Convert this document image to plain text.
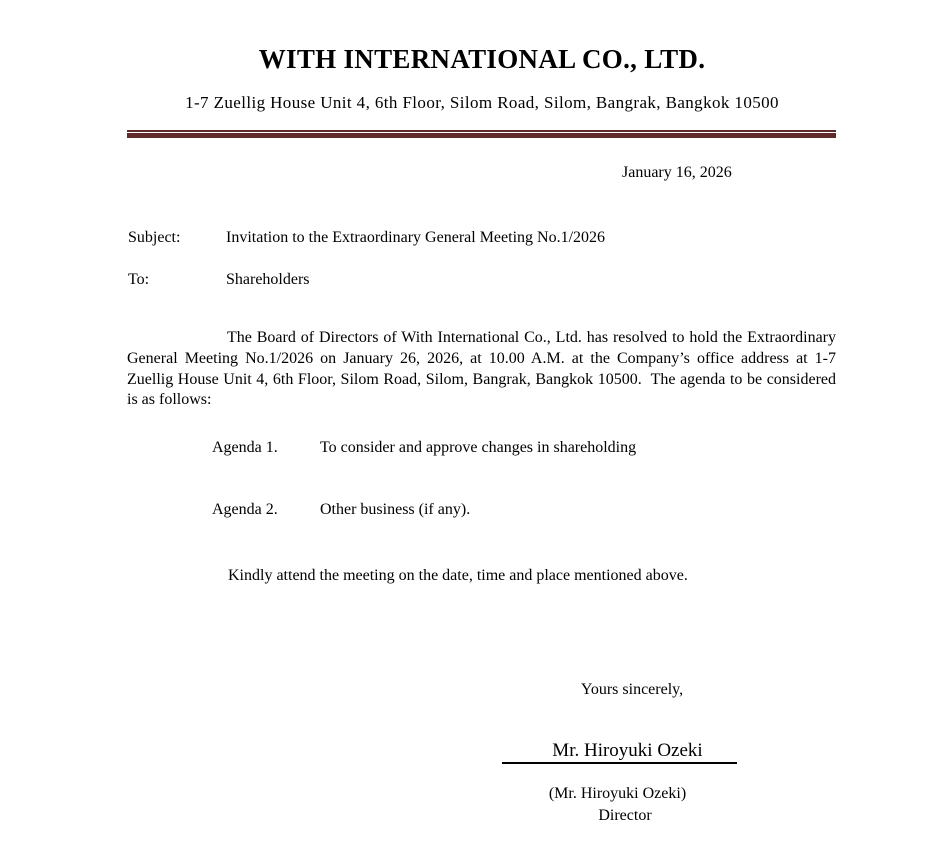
WITH INTERNATIONAL CO., LTD.
1-7 Zuellig House Unit 4, 6th Floor, Silom Road, Silom, Bangrak, Bangkok 10500
January 16, 2026
Subject:	Invitation to the Extraordinary General Meeting No.1/2026
To:	Shareholders

The Board of Directors of With International Co., Ltd. has resolved to hold the Extraordinary General Meeting No.1/2026 on January 26, 2026, at 10.00 A.M. at the Company’s office address at 1-7 Zuellig House Unit 4, 6th Floor, Silom Road, Silom, Bangrak, Bangkok 10500.  The agenda to be considered is as follows:

Agenda 1.	To consider and approve changes in shareholding
Agenda 2.	Other business (if any).
Kindly attend the meeting on the date, time and place mentioned above.
Yours sincerely,
Mr. Hiroyuki Ozeki
(Mr. Hiroyuki Ozeki)
Director
